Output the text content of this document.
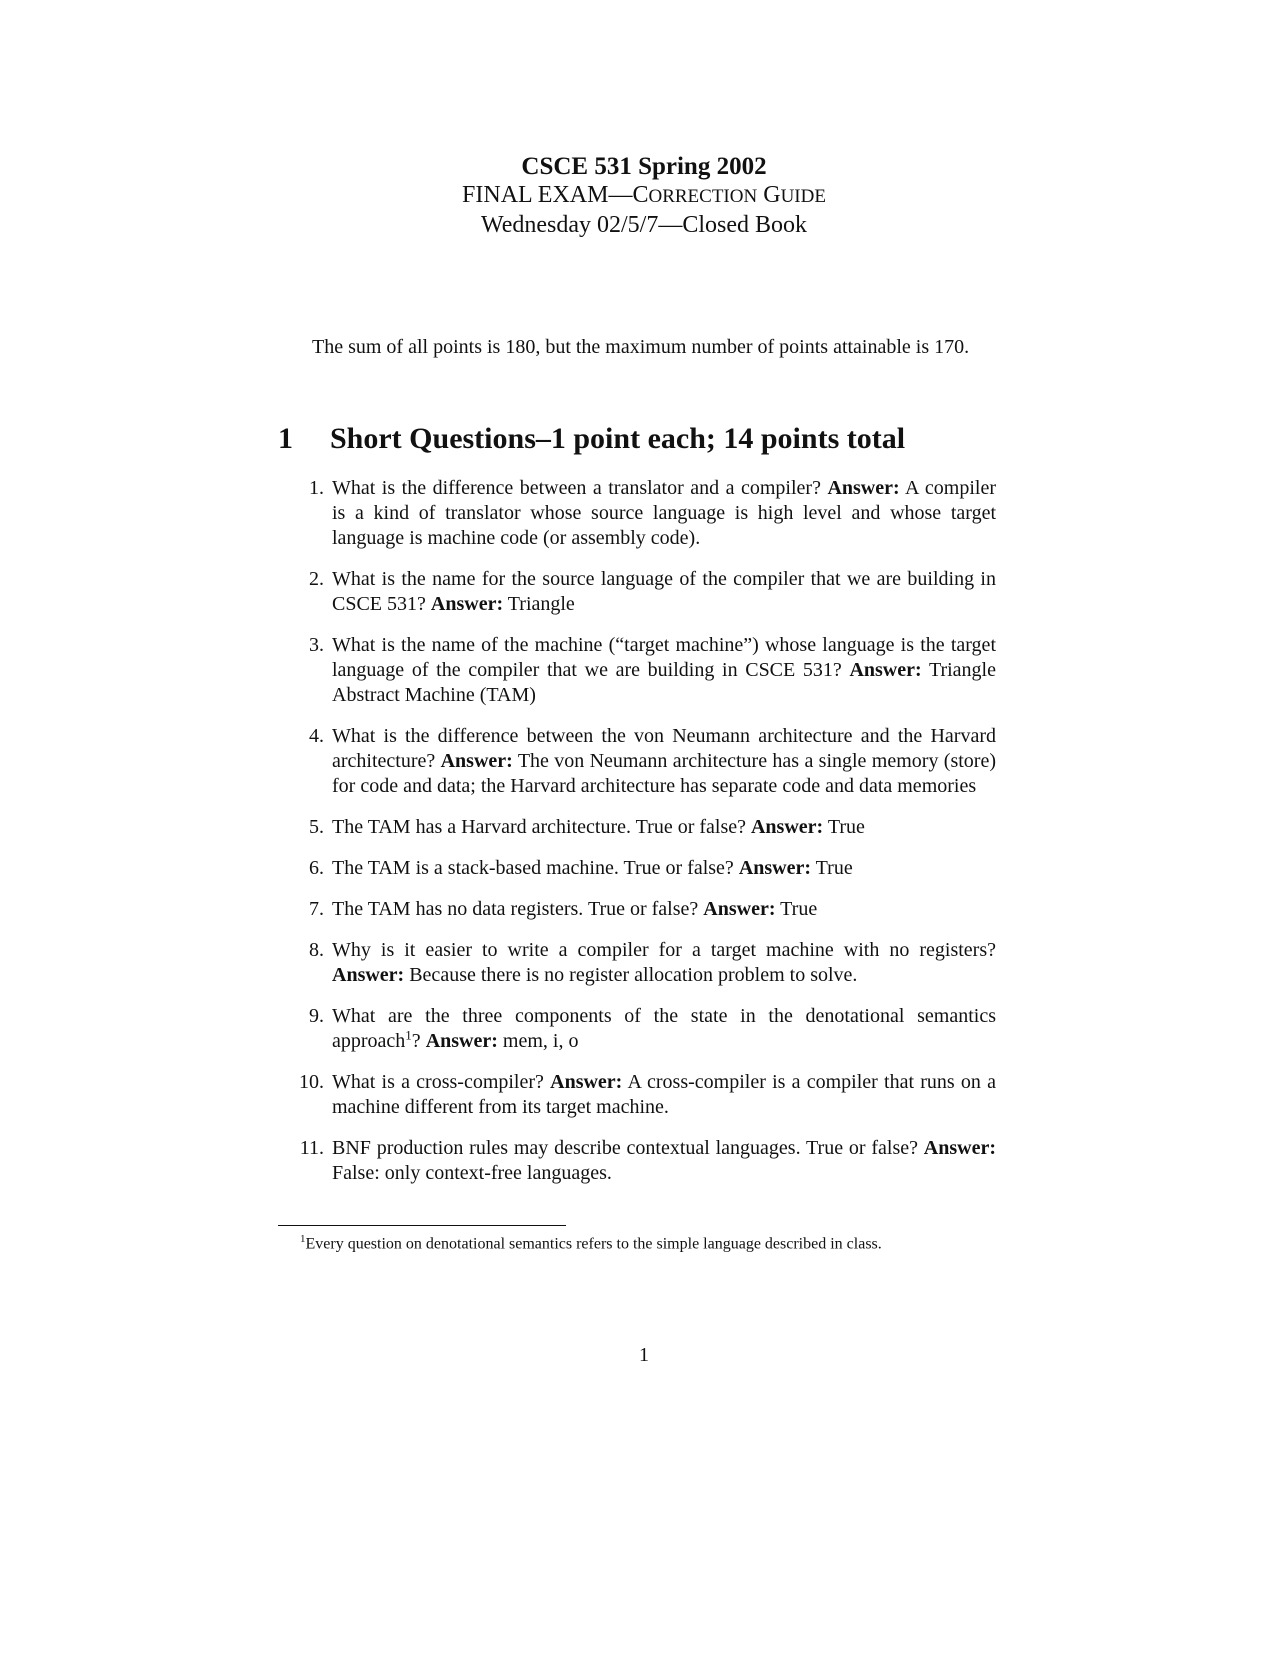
CSCE 531 Spring 2002
FINAL EXAM—CORRECTION GUIDE
Wednesday 02/5/7—Closed Book
The sum of all points is 180, but the maximum number of points attainable is 170.
1 Short Questions–1 point each; 14 points total
1. What is the difference between a translator and a compiler? Answer: A compiler is a kind of translator whose source language is high level and whose target language is machine code (or assembly code).
2. What is the name for the source language of the compiler that we are building in CSCE 531? Answer: Triangle
3. What is the name of the machine (“target machine”) whose language is the target language of the compiler that we are building in CSCE 531? Answer: Triangle Abstract Machine (TAM)
4. What is the difference between the von Neumann architecture and the Harvard architecture? Answer: The von Neumann architecture has a single memory (store) for code and data; the Harvard architecture has separate code and data memories
5. The TAM has a Harvard architecture. True or false? Answer: True
6. The TAM is a stack-based machine. True or false? Answer: True
7. The TAM has no data registers. True or false? Answer: True
8. Why is it easier to write a compiler for a target machine with no registers? Answer: Because there is no register allocation problem to solve.
9. What are the three components of the state in the denotational semantics approach$^1$? Answer: mem, i, o
10. What is a cross-compiler? Answer: A cross-compiler is a compiler that runs on a machine different from its target machine.
11. BNF production rules may describe contextual languages. True or false? Answer: False: only context-free languages.
$^1$Every question on denotational semantics refers to the simple language described in class.
1
